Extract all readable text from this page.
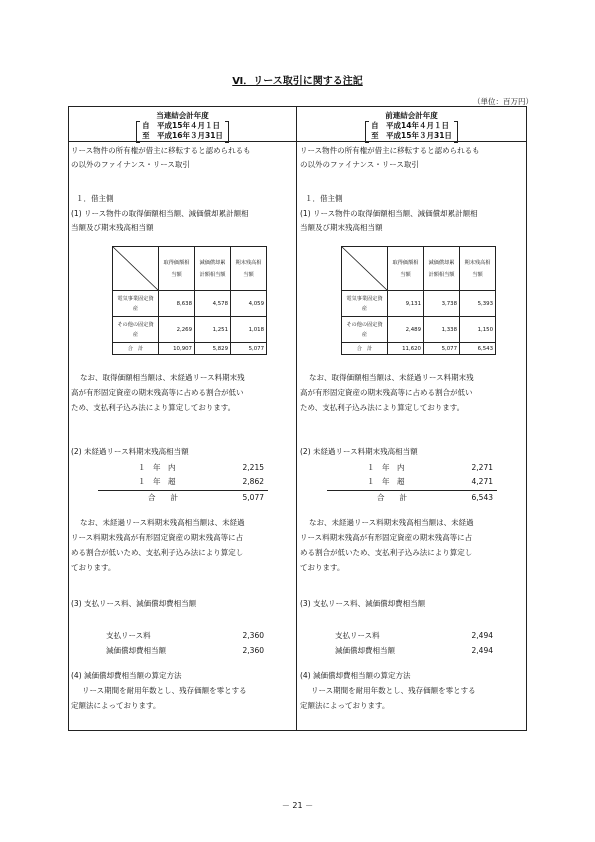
Ⅵ．リース取引に関する注記
（単位：百万円）
当連結会計年度
自　平成15年４月１日
至　平成16年３月31日
リース物件の所有権が借主に移転すると認められるも
の以外のファイナンス・リース取引
１．借主側
(1) リース物件の取得価額相当額、減価償却累計額相
当額及び期末残高相当額
	取得価額相当額	減価償却累計額相当額	期末残高相当額
電気事業固定資産	8,638	4,578	4,059
その他の固定資産	2,269	1,251	1,018
合　計	10,907	5,829	5,077
なお、取得価額相当額は、未経過リース料期末残
高が有形固定資産の期末残高等に占める割合が低い
ため、支払利子込み法により算定しております。
(2) 未経過リース料期末残高相当額
１　年　内	2,215
１　年　超	2,862
合　　計	5,077
なお、未経過リース料期末残高相当額は、未経過
リース料期末残高が有形固定資産の期末残高等に占
める割合が低いため、支払利子込み法により算定し
ております。
(3) 支払リース料、減価償却費相当額
支払リース料	2,360
減価償却費相当額	2,360
(4) 減価償却費相当額の算定方法
リース期間を耐用年数とし、残存価額を零とする
定額法によっております。
前連結会計年度
自　平成14年４月１日
至　平成15年３月31日
リース物件の所有権が借主に移転すると認められるも
の以外のファイナンス・リース取引
１．借主側
(1) リース物件の取得価額相当額、減価償却累計額相
当額及び期末残高相当額
	取得価額相当額	減価償却累計額相当額	期末残高相当額
電気事業固定資産	9,131	3,738	5,393
その他の固定資産	2,489	1,338	1,150
合　計	11,620	5,077	6,543
なお、取得価額相当額は、未経過リース料期末残
高が有形固定資産の期末残高等に占める割合が低い
ため、支払利子込み法により算定しております。
(2) 未経過リース料期末残高相当額
１　年　内	2,271
１　年　超	4,271
合　　計	6,543
なお、未経過リース料期末残高相当額は、未経過
リース料期末残高が有形固定資産の期末残高等に占
める割合が低いため、支払利子込み法により算定し
ております。
(3) 支払リース料、減価償却費相当額
支払リース料	2,494
減価償却費相当額	2,494
(4) 減価償却費相当額の算定方法
リース期間を耐用年数とし、残存価額を零とする
定額法によっております。
－ 21 －
